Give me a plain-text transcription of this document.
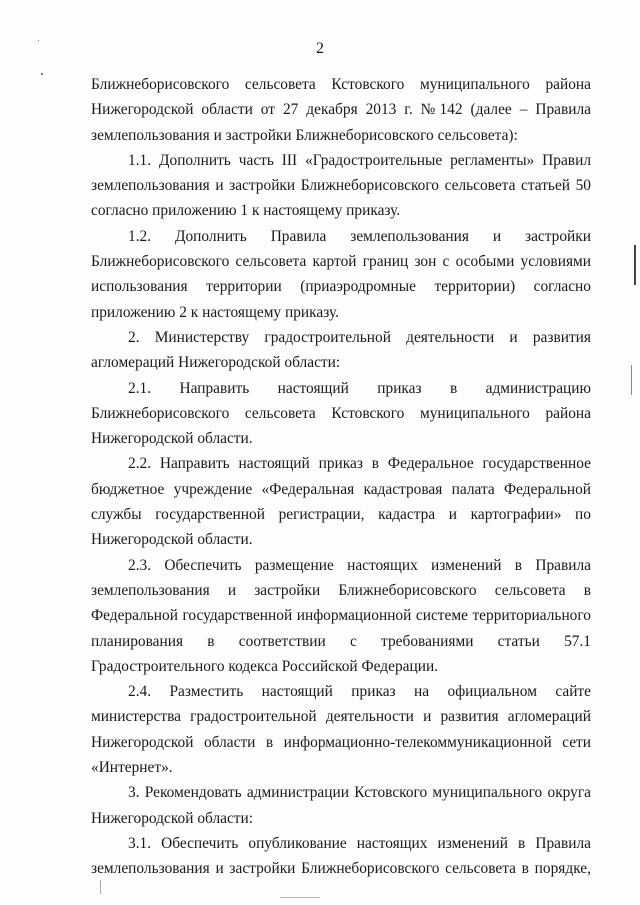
2

Ближнеборисовского сельсовета Кстовского муниципального района Нижегородской области от 27 декабря 2013 г. №142 (далее – Правила землепользования и застройки Ближнеборисовского сельсовета):

1.1. Дополнить часть III «Градостроительные регламенты» Правил землепользования и застройки Ближнеборисовского сельсовета статьей 50 согласно приложению 1 к настоящему приказу.

1.2. Дополнить Правила землепользования и застройки Ближнеборисовского сельсовета картой границ зон с особыми условиями использования территории (приаэродромные территории) согласно приложению 2 к настоящему приказу.

2. Министерству градостроительной деятельности и развития агломераций Нижегородской области:

2.1. Направить настоящий приказ в администрацию Ближнеборисовского сельсовета Кстовского муниципального района Нижегородской области.

2.2. Направить настоящий приказ в Федеральное государственное бюджетное учреждение «Федеральная кадастровая палата Федеральной службы государственной регистрации, кадастра и картографии» по Нижегородской области.

2.3. Обеспечить размещение настоящих изменений в Правила землепользования и застройки Ближнеборисовского сельсовета в Федеральной государственной информационной системе территориального планирования в соответствии с требованиями статьи 57.1 Градостроительного кодекса Российской Федерации.

2.4. Разместить настоящий приказ на официальном сайте министерства градостроительной деятельности и развития агломераций Нижегородской области в информационно-телекоммуникационной сети «Интернет».

3. Рекомендовать администрации Кстовского муниципального округа Нижегородской области:

3.1. Обеспечить опубликование настоящих изменений в Правила землепользования и застройки Ближнеборисовского сельсовета в порядке,
